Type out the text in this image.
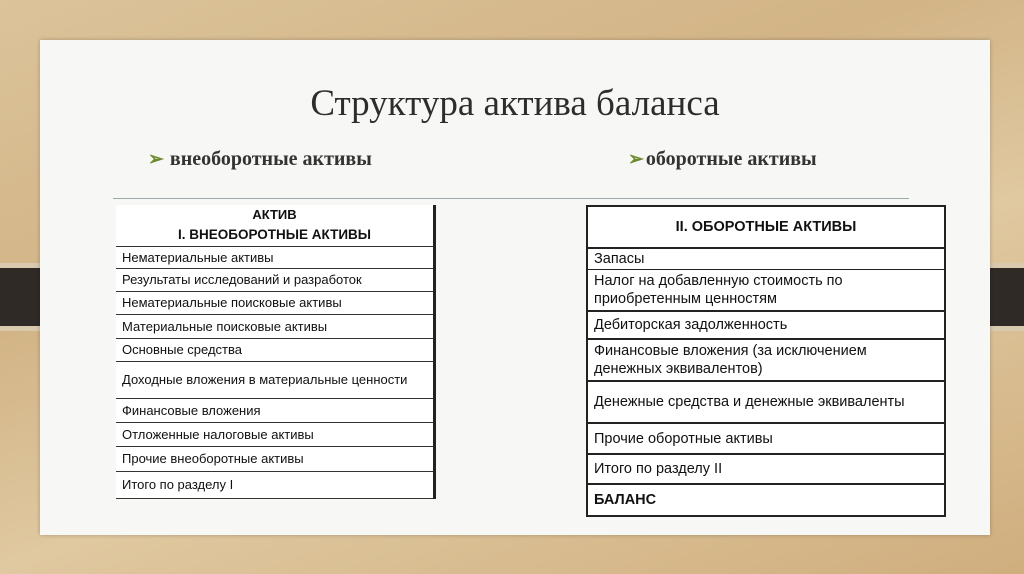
Структура актива баланса
➢ внеоборотные активы	➢ оборотные активы
АКТИВ
I. ВНЕОБОРОТНЫЕ АКТИВЫ
Нематериальные активы
Результаты исследований и разработок
Нематериальные поисковые активы
Материальные поисковые активы
Основные средства
Доходные вложения в материальные ценности
Финансовые вложения
Отложенные налоговые активы
Прочие внеоборотные активы
Итого по разделу I
II. ОБОРОТНЫЕ АКТИВЫ
Запасы
Налог на добавленную стоимость по приобретенным ценностям
Дебиторская задолженность
Финансовые вложения (за исключением денежных эквивалентов)
Денежные средства и денежные эквиваленты
Прочие оборотные активы
Итого по разделу II
БАЛАНС
